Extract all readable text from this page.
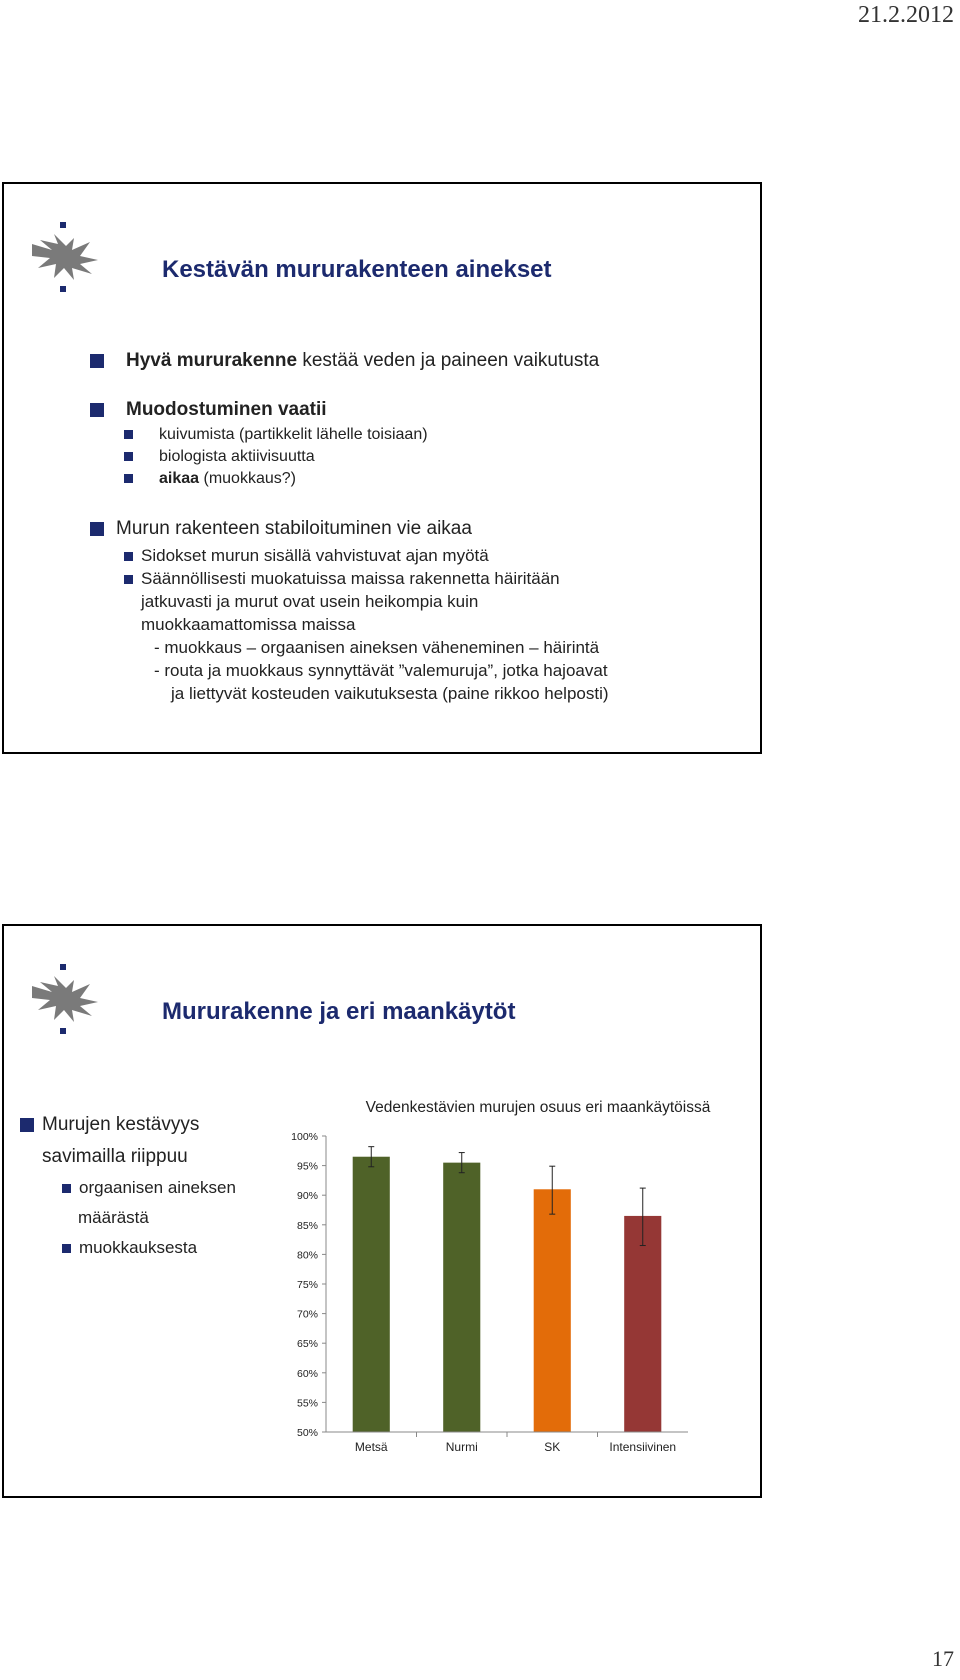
21.2.2012
Kestävän mururakenteen ainekset
Hyvä mururakenne kestää veden ja paineen vaikutusta
Muodostuminen vaatii
kuivumista (partikkelit lähelle toisiaan)
biologista aktiivisuutta
aikaa (muokkaus?)
Murun rakenteen stabiloituminen vie aikaa
Sidokset murun sisällä vahvistuvat ajan myötä
Säännöllisesti muokatuissa maissa rakennetta häiritään
jatkuvasti ja murut ovat usein heikompia kuin
muokkaamattomissa maissa
- muokkaus – orgaanisen aineksen väheneminen – häirintä
- routa ja muokkaus synnyttävät ”valemuruja”, jotka hajoavat
ja liettyvät kosteuden vaikutuksesta (paine rikkoo helposti)
Mururakenne ja eri maankäytöt
Murujen kestävyys
savimailla riippuu
orgaanisen aineksen
määrästä
muokkauksesta
Vedenkestävien murujen osuus eri maankäytöissä
100%
95%
90%
85%
80%
75%
70%
65%
60%
55%
50%
Metsä	Nurmi	SK	Intensiivinen
17
